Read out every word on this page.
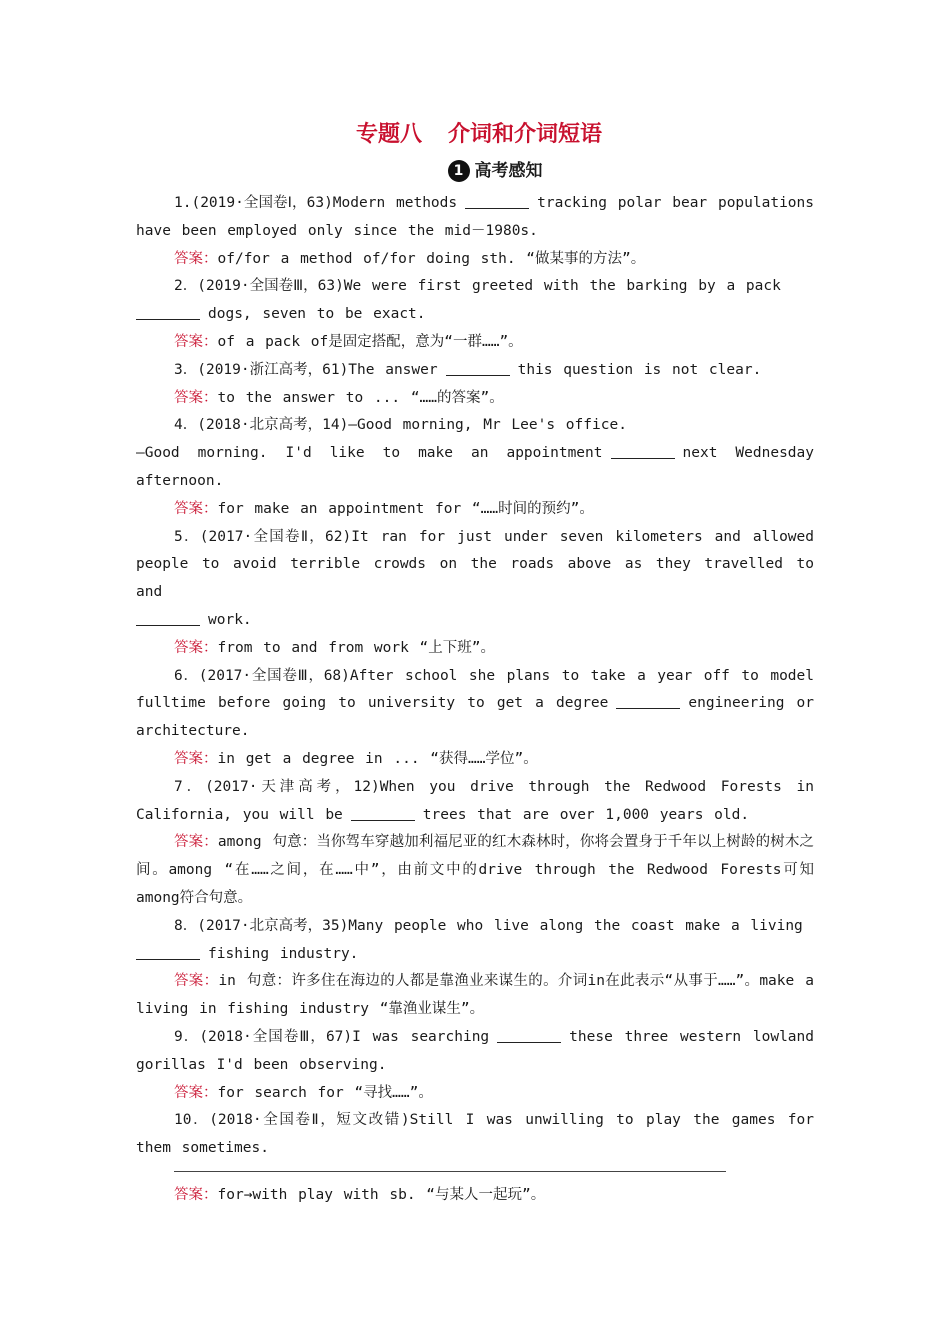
专题八 介词和介词短语
1 高考感知
1.(2019·全国卷Ⅰ，63)Modern methods	tracking polar bear populations have been employed only since the mid－1980s.
答案：of/for a method of/for doing sth. “做某事的方法”。
2．(2019·全国卷Ⅲ，63)We were first greeted with the barking by a pack
dogs, seven to be exact.
答案：of a pack of是固定搭配，意为“一群……”。
3．(2019·浙江高考，61)The answer	this question is not clear.
答案：to the answer to ... “……的答案”。
4．(2018·北京高考，14)—Good morning, Mr Lee's office.
—Good morning. I'd like to make an appointment	next Wednesday afternoon.
答案：for make an appointment for “……时间的预约”。
5．(2017·全国卷Ⅱ，62)It ran for just under seven kilometers and allowed people to avoid terrible crowds on the roads above as they travelled to and
work.
答案：from to and from work “上下班”。
6．(2017·全国卷Ⅲ，68)After school she plans to take a year off to model fulltime before going to university to get a degree	engineering or architecture.
答案：in get a degree in ... “获得……学位”。
7．(2017·天津高考，12)When you drive through the Redwood Forests in California, you will be	trees that are over 1,000 years old.
答案：among 句意：当你驾车穿越加利福尼亚的红木森林时，你将会置身于千年以上树龄的树木之间。among “在……之间，在……中”，由前文中的drive through the Redwood Forests可知among符合句意。
8．(2017·北京高考，35)Many people who live along the coast make a living
fishing industry.
答案：in 句意：许多住在海边的人都是靠渔业来谋生的。介词in在此表示“从事于……”。make a living in fishing industry “靠渔业谋生”。
9．(2018·全国卷Ⅲ，67)I was searching	these three western lowland gorillas I'd been observing.
答案：for search for “寻找……”。
10．(2018·全国卷Ⅱ，短文改错)Still I was unwilling to play the games for them sometimes.
答案：for→with play with sb. “与某人一起玩”。
